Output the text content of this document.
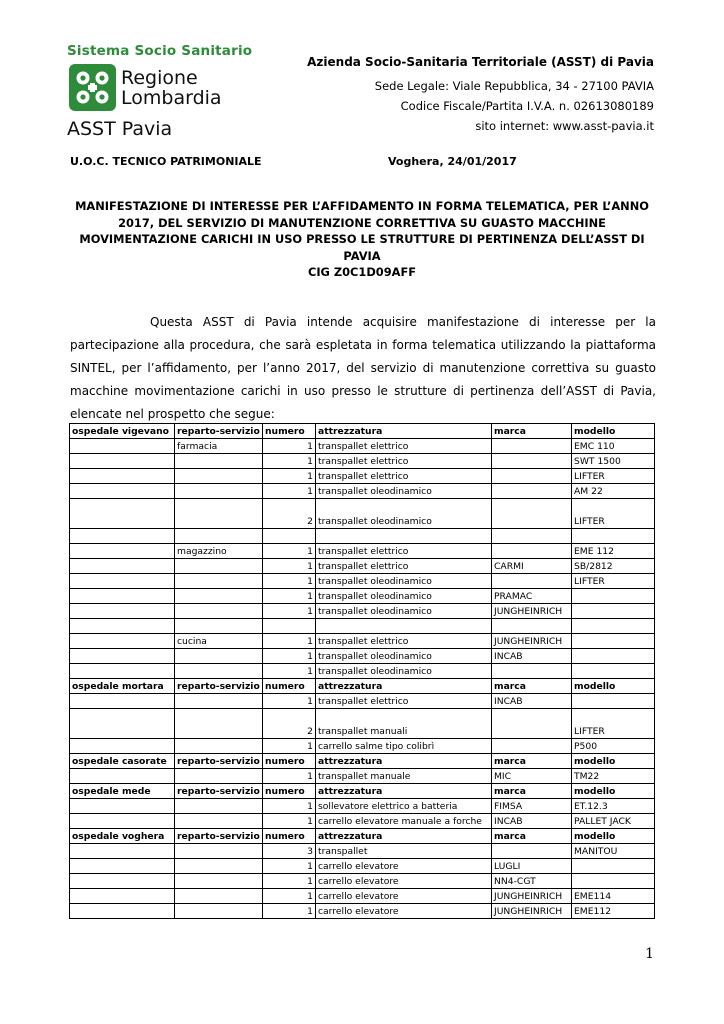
Sistema Socio Sanitario
Regione
Lombardia
ASST Pavia
Azienda Socio-Sanitaria Territoriale (ASST) di Pavia
Sede Legale: Viale Repubblica, 34 - 27100 PAVIA
Codice Fiscale/Partita I.V.A. n. 02613080189
sito internet: www.asst-pavia.it
U.O.C. TECNICO PATRIMONIALE	Voghera, 24/01/2017
MANIFESTAZIONE DI INTERESSE PER L’AFFIDAMENTO IN FORMA TELEMATICA, PER L’ANNO
2017, DEL SERVIZIO DI MANUTENZIONE CORRETTIVA SU GUASTO MACCHINE
MOVIMENTAZIONE CARICHI IN USO PRESSO LE STRUTTURE DI PERTINENZA DELL’ASST DI PAVIA
CIG Z0C1D09AFF
Questa ASST di Pavia intende acquisire manifestazione di interesse per la partecipazione alla procedura, che sarà espletata in forma telematica utilizzando la piattaforma SINTEL, per l’affidamento, per l’anno 2017, del servizio di manutenzione correttiva su guasto macchine movimentazione carichi in uso presso le strutture di pertinenza dell’ASST di Pavia, elencate nel prospetto che segue:
ospedale vigevano	reparto-servizio	numero	attrezzatura	marca	modello
	farmacia	1	transpallet elettrico		EMC 110
		1	transpallet elettrico		SWT 1500
		1	transpallet elettrico		LIFTER
		1	transpallet oleodinamico		AM 22
		2	transpallet oleodinamico		LIFTER

	magazzino	1	transpallet elettrico		EME 112
		1	transpallet elettrico	CARMI	SB/2812
		1	transpallet oleodinamico		LIFTER
		1	transpallet oleodinamico	PRAMAC	
		1	transpallet oleodinamico	JUNGHEINRICH	

	cucina	1	transpallet elettrico	JUNGHEINRICH	
		1	transpallet oleodinamico	INCAB	
		1	transpallet oleodinamico		
ospedale mortara	reparto-servizio	numero	attrezzatura	marca	modello
		1	transpallet elettrico	INCAB	
		2	transpallet manuali		LIFTER
		1	carrello salme tipo colibrì		P500
ospedale casorate	reparto-servizio	numero	attrezzatura	marca	modello
		1	transpallet manuale	MIC	TM22
ospedale mede	reparto-servizio	numero	attrezzatura	marca	modello
		1	sollevatore elettrico a batteria	FIMSA	ET.12.3
		1	carrello elevatore manuale a forche	INCAB	PALLET JACK
ospedale voghera	reparto-servizio	numero	attrezzatura	marca	modello
		3	transpallet		MANITOU
		1	carrello elevatore	LUGLI	
		1	carrello elevatore	NN4-CGT	
		1	carrello elevatore	JUNGHEINRICH	EME114
		1	carrello elevatore	JUNGHEINRICH	EME112
1
